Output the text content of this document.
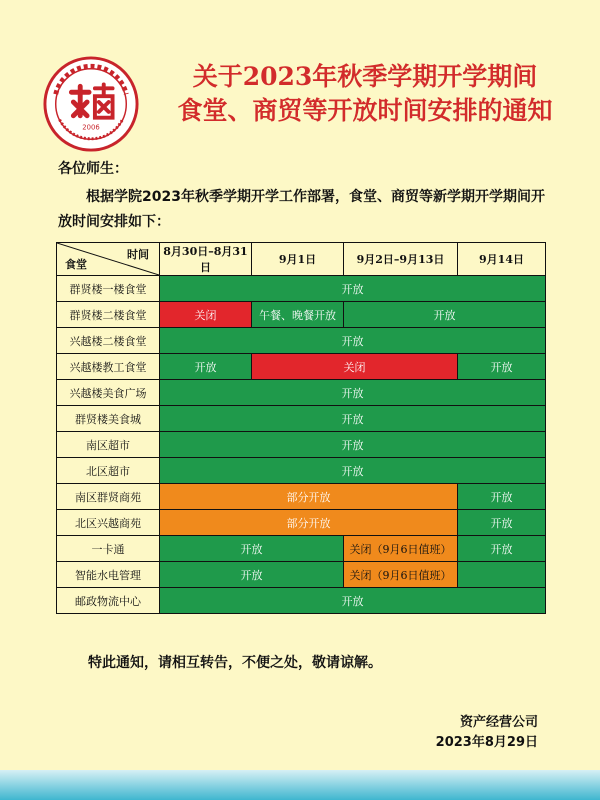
2006
关于2023年秋季学期开学期间
食堂、商贸等开放时间安排的通知
各位师生：
根据学院2023年秋季学期开学工作部署，食堂、商贸等新学期开学期间开放时间安排如下：
时间
食堂	8月30日–8月31日	9月1日	9月2日–9月13日	9月14日
群贤楼一楼食堂	开放			
群贤楼二楼食堂	关闭	午餐、晚餐开放	开放	
兴越楼二楼食堂	开放			
兴越楼教工食堂	开放	关闭		开放
兴越楼美食广场	开放			
群贤楼美食城	开放			
南区超市	开放			
北区超市	开放			
南区群贤商苑	部分开放			开放
北区兴越商苑	部分开放			开放
一卡通	开放		关闭（9月6日值班）	开放
智能水电管理	开放		关闭（9月6日值班）	
邮政物流中心	开放			
特此通知，请相互转告，不便之处，敬请谅解。
资产经营公司
2023年8月29日
